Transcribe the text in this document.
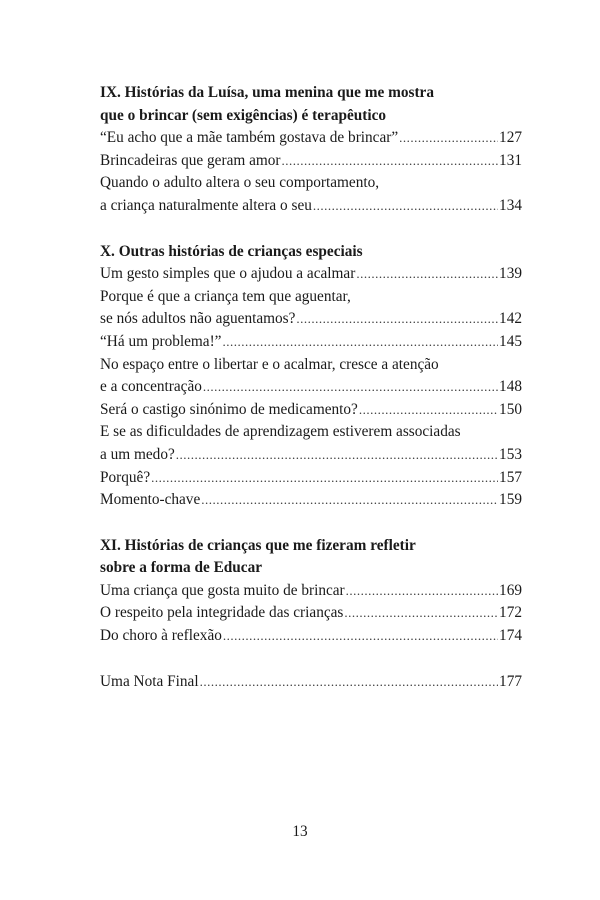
IX. Histórias da Luísa, uma menina que me mostra
que o brincar (sem exigências) é terapêutico
“Eu acho que a mãe também gostava de brincar” .....	127
Brincadeiras que geram amor .....	131
Quando o adulto altera o seu comportamento,
a criança naturalmente altera o seu .....	134
X. Outras histórias de crianças especiais
Um gesto simples que o ajudou a acalmar .....	139
Porque é que a criança tem que aguentar,
se nós adultos não aguentamos? .....	142
“Há um problema!” .....	145
No espaço entre o libertar e o acalmar, cresce a atenção
e a concentração .....	148
Será o castigo sinónimo de medicamento? .....	150
E se as dificuldades de aprendizagem estiverem associadas
a um medo? .....	153
Porquê? .....	157
Momento-chave .....	159
XI. Histórias de crianças que me fizeram refletir
sobre a forma de Educar
Uma criança que gosta muito de brincar .....	169
O respeito pela integridade das crianças .....	172
Do choro à reflexão .....	174
Uma Nota Final .....	177
13
